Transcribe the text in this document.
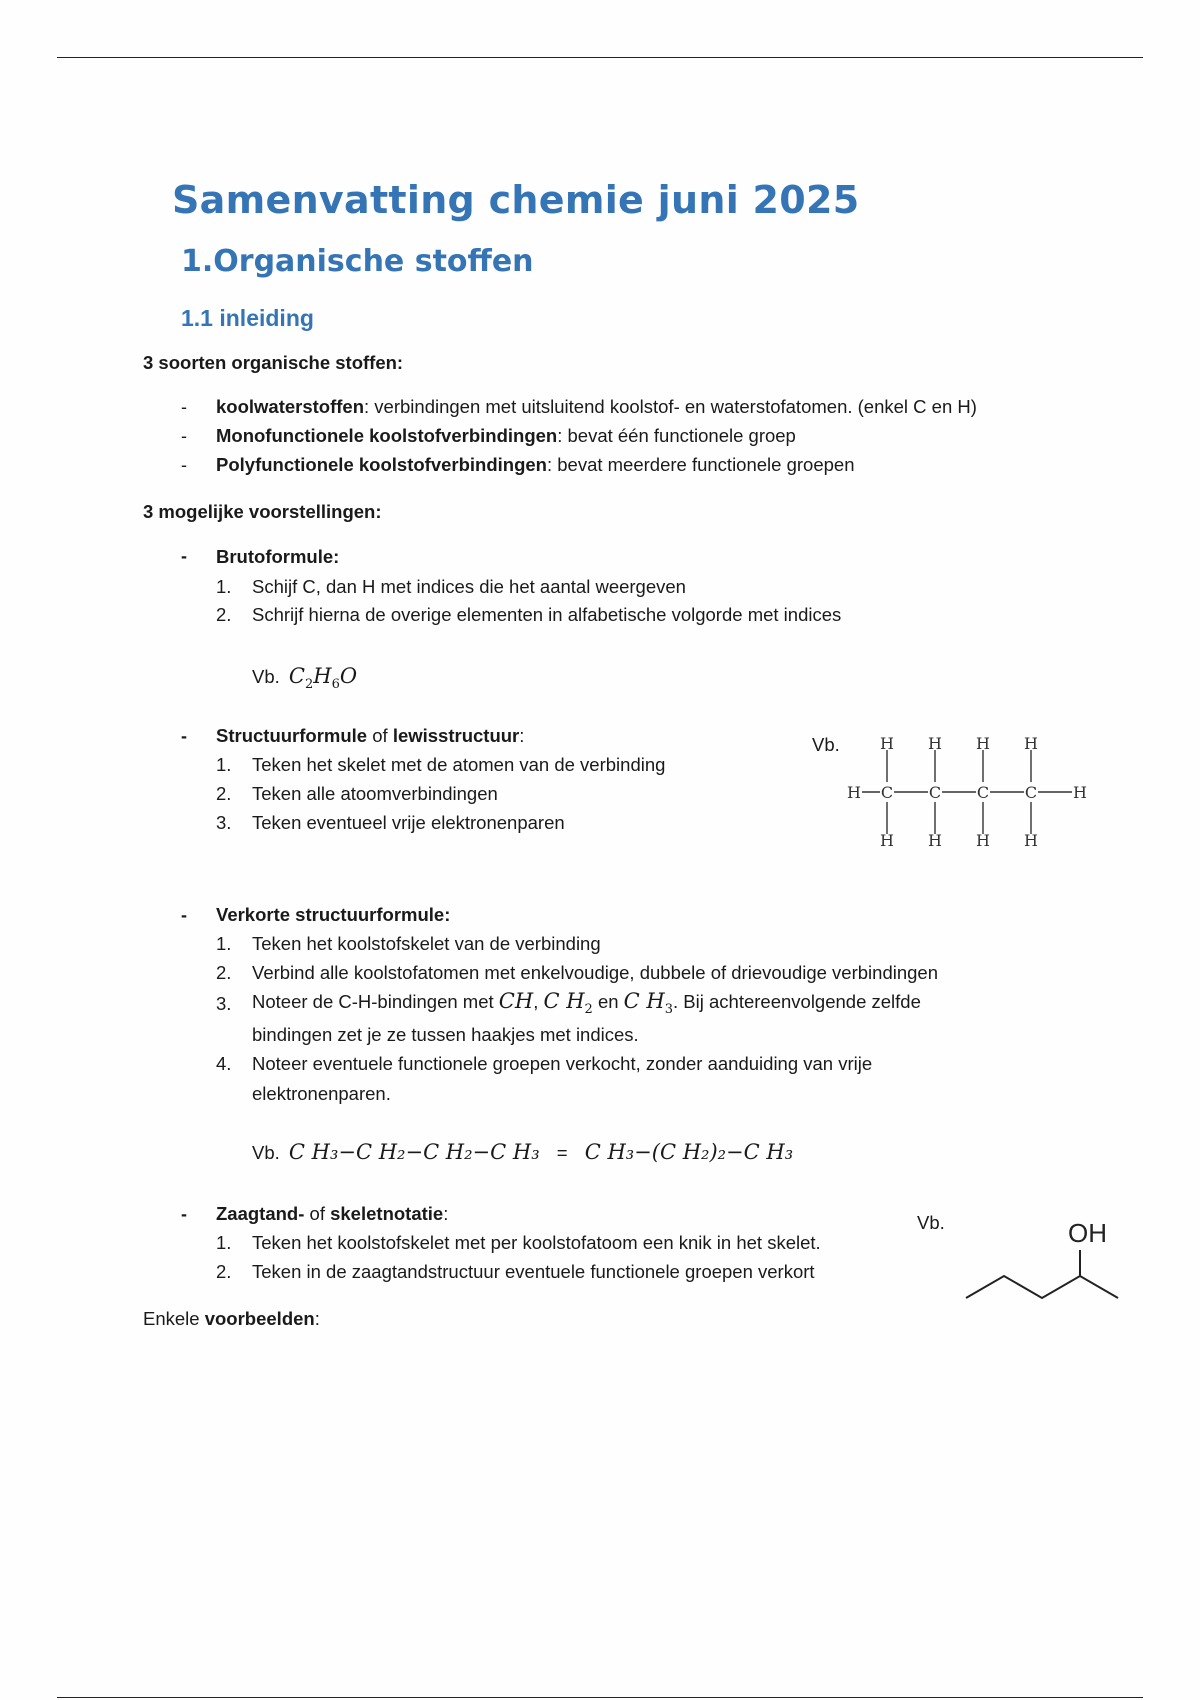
Samenvatting chemie juni 2025
1.Organische stoffen
1.1 inleiding
3 soorten organische stoffen:
- koolwaterstoffen: verbindingen met uitsluitend koolstof- en waterstofatomen. (enkel C en H)
- Monofunctionele koolstofverbindingen: bevat één functionele groep
- Polyfunctionele koolstofverbindingen: bevat meerdere functionele groepen
3 mogelijke voorstellingen:
- Brutoformule:
1. Schijf C, dan H met indices die het aantal weergeven
2. Schrijf hierna de overige elementen in alfabetische volgorde met indices
Vb. $C_2H_6O$
- Structuurformule of lewisstructuur:
1. Teken het skelet met de atomen van de verbinding
2. Teken alle atoomverbindingen
3. Teken eventueel vrije elektronenparen
Vb.	H H H H
H C C C C H
H H H H
- Verkorte structuurformule:
1. Teken het koolstofskelet van de verbinding
2. Verbind alle koolstofatomen met enkelvoudige, dubbele of drievoudige verbindingen
3. Noteer de C-H-bindingen met CH, C $H_2$ en C $H_3$. Bij achtereenvolgende zelfde
bindingen zet je ze tussen haakjes met indices.
4. Noteer eventuele functionele groepen verkocht, zonder aanduiding van vrije
elektronenparen.
Vb. C H₃−C H₂−C H₂−C H₃ = C H₃−(C H₂)₂−C H₃
- Zaagtand- of skeletnotatie:
1. Teken het koolstofskelet met per koolstofatoom een knik in het skelet.
2. Teken in de zaagtandstructuur eventuele functionele groepen verkort
Vb.	OH
Enkele voorbeelden:
